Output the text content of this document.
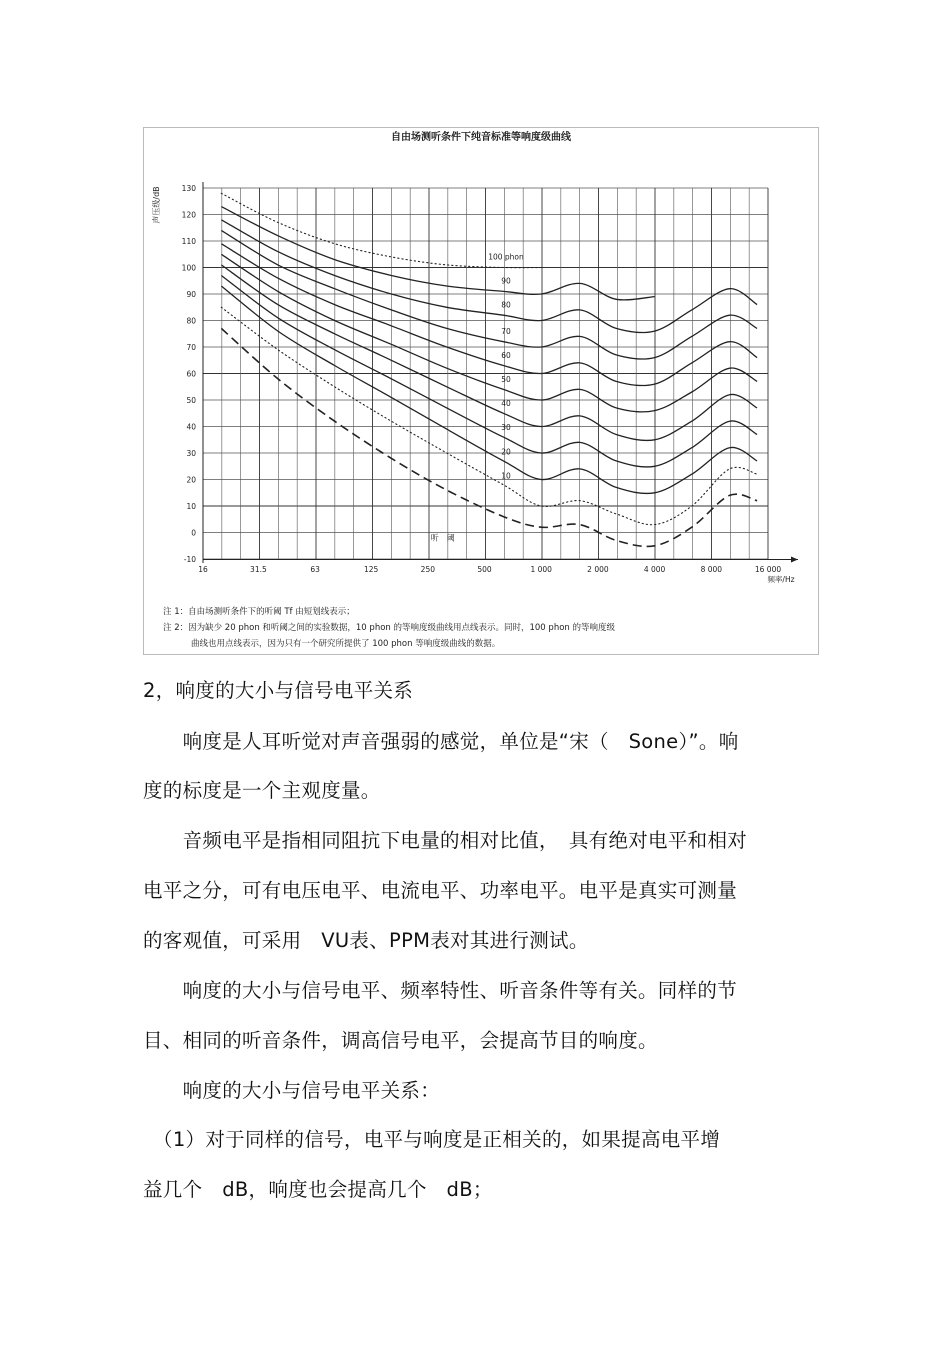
自由场测听条件下纯音标准等响度级曲线
-10
0
10
20
30
40
50
60
70
80
90
100
110
120
130
16	31.5	63	125	250	500	1 000	2 000	4 000	8 000	16 000
100 phon
90
80
70
60
50
40
30
20
10
声压级/dB
频率/Hz
听　阈
注 1：自由场测听条件下的听阈 Tf 由短划线表示；
注 2：因为缺少 20 phon 和听阈之间的实验数据，10 phon 的等响度级曲线用点线表示。同时，100 phon 的等响度级
曲线也用点线表示，因为只有一个研究所提供了 100 phon 等响度级曲线的数据。
2，响度的大小与信号电平关系
　　响度是人耳听觉对声音强弱的感觉，单位是“宋（　Sone）”。响
度的标度是一个主观度量。
　　音频电平是指相同阻抗下电量的相对比值，　具有绝对电平和相对
电平之分，可有电压电平、电流电平、功率电平。电平是真实可测量
的客观值，可采用　VU表、PPM表对其进行测试。
　　响度的大小与信号电平、频率特性、听音条件等有关。同样的节
目、相同的听音条件，调高信号电平，会提高节目的响度。
　　响度的大小与信号电平关系：
　（1）对于同样的信号，电平与响度是正相关的，如果提高电平增
益几个　dB，响度也会提高几个　dB；
